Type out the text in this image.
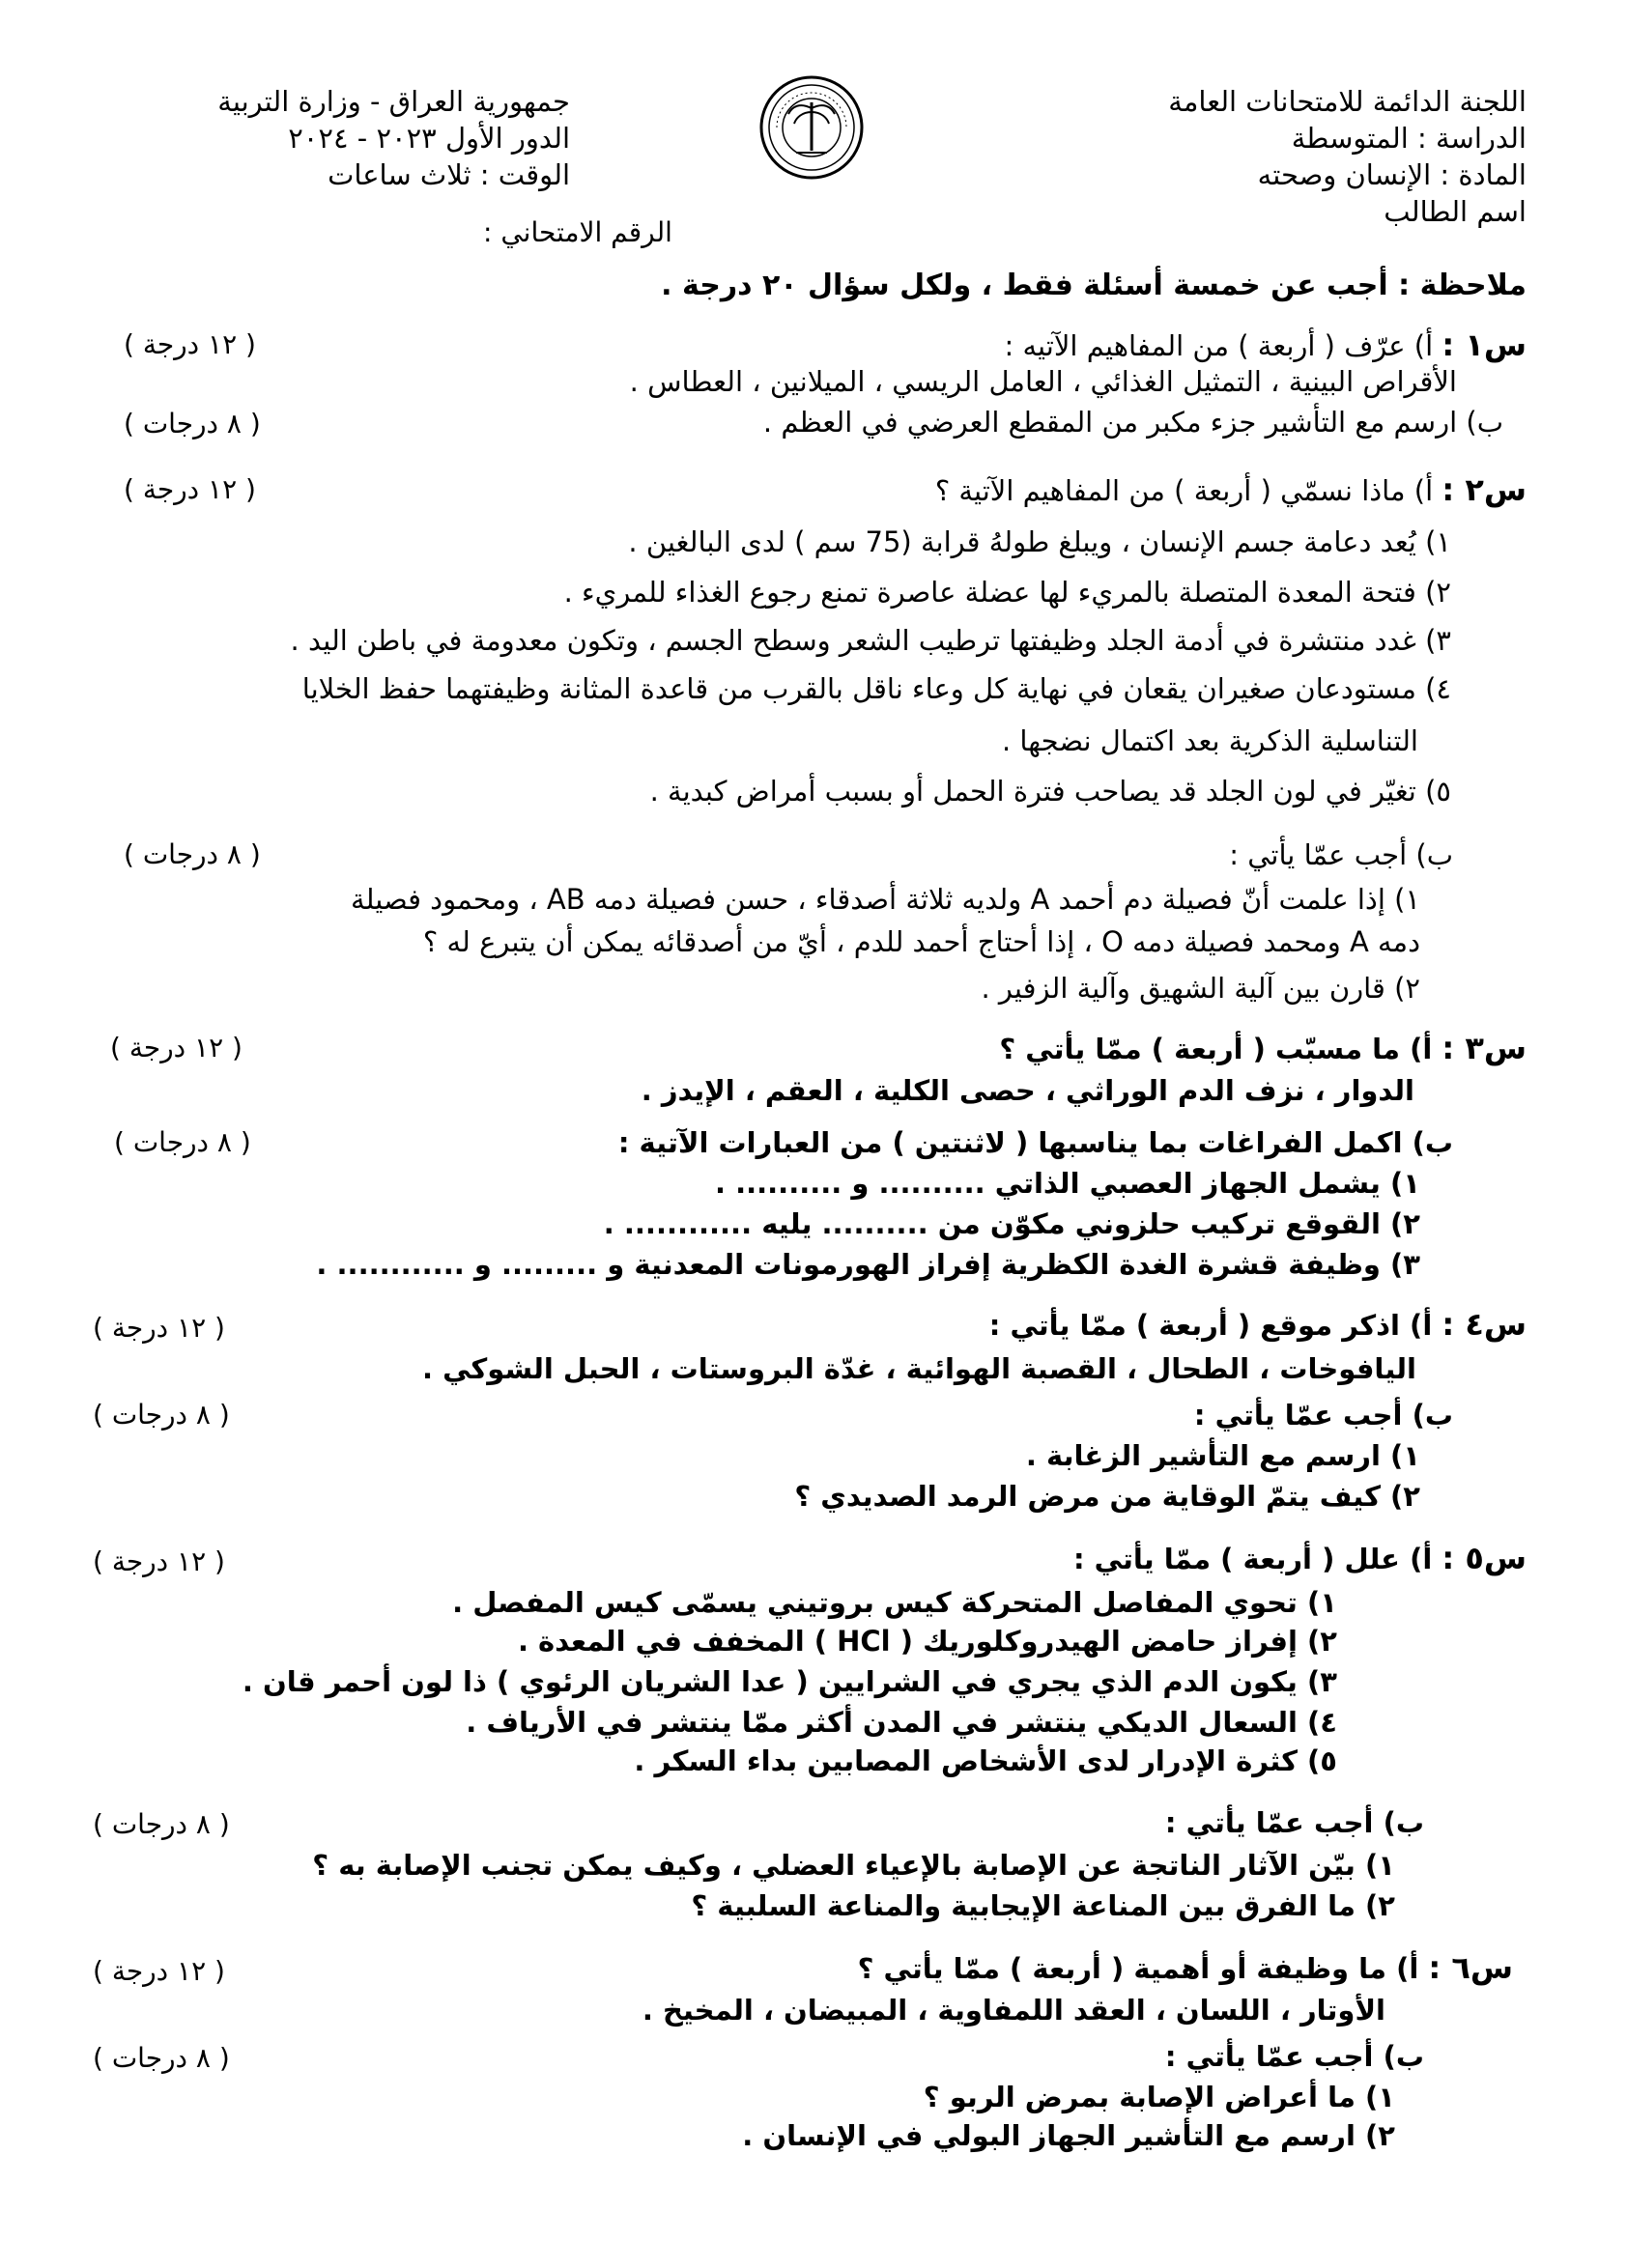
اللجنة الدائمة للامتحانات العامة
الدراسة : المتوسطة
المادة : الإنسان وصحته
اسم الطالب
جمهورية العراق - وزارة التربية
الدور الأول ٢٠٢٣ - ٢٠٢٤
الوقت : ثلاث ساعات
الرقم الامتحاني :
ملاحظة : أجب عن خمسة أسئلة فقط ، ولكل سؤال ٢٠ درجة .
س١ : أ) عرّف ( أربعة ) من المفاهيم الآتيه :
( ١٢ درجة )
الأقراص البينية ، التمثيل الغذائي ، العامل الريسي ، الميلانين ، العطاس .
ب) ارسم مع التأشير جزء مكبر من المقطع العرضي في العظم .
( ٨ درجات )
س٢ : أ) ماذا نسمّي ( أربعة ) من المفاهيم الآتية ؟
( ١٢ درجة )
١) يُعد دعامة جسم الإنسان ، ويبلغ طولهُ قرابة (75 سم ) لدى البالغين .
٢) فتحة المعدة المتصلة بالمريء لها عضلة عاصرة تمنع رجوع الغذاء للمريء .
٣) غدد منتشرة في أدمة الجلد وظيفتها ترطيب الشعر وسطح الجسم ، وتكون معدومة في باطن اليد .
٤) مستودعان صغيران يقعان في نهاية كل وعاء ناقل بالقرب من قاعدة المثانة وظيفتهما حفظ الخلايا
التناسلية الذكرية بعد اكتمال نضجها .
٥) تغيّر في لون الجلد قد يصاحب فترة الحمل أو بسبب أمراض كبدية .
ب) أجب عمّا يأتي :
( ٨ درجات )
١) إذا علمت أنّ فصيلة دم أحمد A ولديه ثلاثة أصدقاء ، حسن فصيلة دمه AB ، ومحمود فصيلة
دمه A ومحمد فصيلة دمه O ، إذا أحتاج أحمد للدم ، أيّ من أصدقائه يمكن أن يتبرع له ؟
٢) قارن بين آلية الشهيق وآلية الزفير .
س٣ : أ) ما مسبّب ( أربعة ) ممّا يأتي ؟
( ١٢ درجة )
الدوار ، نزف الدم الوراثي ، حصى الكلية ، العقم ، الإيدز .
ب) اكمل الفراغات بما يناسبها ( لاثنتين ) من العبارات الآتية :
( ٨ درجات )
١) يشمل الجهاز العصبي الذاتي .......... و .......... .
٢) القوقع تركيب حلزوني مكوّن من .......... يليه ............ .
٣) وظيفة قشرة الغدة الكظرية إفراز الهورمونات المعدنية و ......... و ............ .
س٤ : أ) اذكر موقع ( أربعة ) ممّا يأتي :
( ١٢ درجة )
اليافوخات ، الطحال ، القصبة الهوائية ، غدّة البروستات ، الحبل الشوكي .
ب) أجب عمّا يأتي :
( ٨ درجات )
١) ارسم مع التأشير الزغابة .
٢) كيف يتمّ الوقاية من مرض الرمد الصديدي ؟
س٥ : أ) علل ( أربعة ) ممّا يأتي :
( ١٢ درجة )
١) تحوي المفاصل المتحركة كيس بروتيني يسمّى كيس المفصل .
٢) إفراز حامض الهيدروكلوريك ( HCl ) المخفف في المعدة .
٣) يكون الدم الذي يجري في الشرايين ( عدا الشريان الرئوي ) ذا لون أحمر قان .
٤) السعال الديكي ينتشر في المدن أكثر ممّا ينتشر في الأرياف .
٥) كثرة الإدرار لدى الأشخاص المصابين بداء السكر .
ب) أجب عمّا يأتي :
( ٨ درجات )
١) بيّن الآثار الناتجة عن الإصابة بالإعياء العضلي ، وكيف يمكن تجنب الإصابة به ؟
٢) ما الفرق بين المناعة الإيجابية والمناعة السلبية ؟
س٦ : أ) ما وظيفة أو أهمية ( أربعة ) ممّا يأتي ؟
( ١٢ درجة )
الأوتار ، اللسان ، العقد اللمفاوية ، المبيضان ، المخيخ .
ب) أجب عمّا يأتي :
( ٨ درجات )
١) ما أعراض الإصابة بمرض الربو ؟
٢) ارسم مع التأشير الجهاز البولي في الإنسان .
